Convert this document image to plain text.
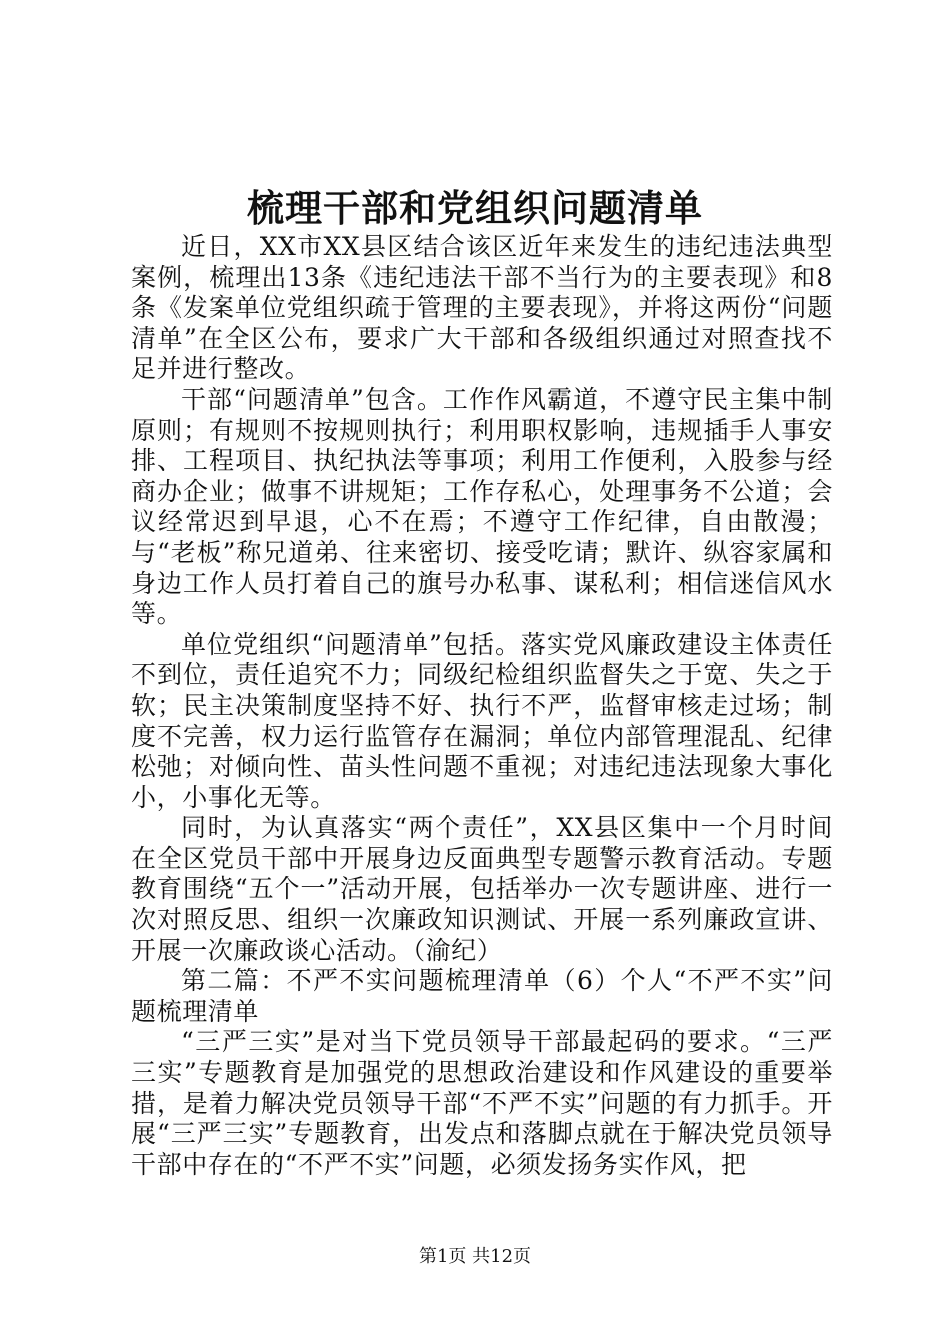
梳理干部和党组织问题清单

近日，XX市XX县区结合该区近年来发生的违纪违法典型案例，梳理出13条《违纪违法干部不当行为的主要表现》和8条《发案单位党组织疏于管理的主要表现》，并将这两份“问题清单”在全区公布，要求广大干部和各级组织通过对照查找不足并进行整改。

干部“问题清单”包含。工作作风霸道，不遵守民主集中制原则；有规则不按规则执行；利用职权影响，违规插手人事安排、工程项目、执纪执法等事项；利用工作便利，入股参与经商办企业；做事不讲规矩；工作存私心，处理事务不公道；会议经常迟到早退，心不在焉；不遵守工作纪律，自由散漫；与“老板”称兄道弟、往来密切、接受吃请；默许、纵容家属和身边工作人员打着自己的旗号办私事、谋私利；相信迷信风水等。

单位党组织“问题清单”包括。落实党风廉政建设主体责任不到位，责任追究不力；同级纪检组织监督失之于宽、失之于软；民主决策制度坚持不好、执行不严，监督审核走过场；制度不完善，权力运行监管存在漏洞；单位内部管理混乱、纪律松弛；对倾向性、苗头性问题不重视；对违纪违法现象大事化小，小事化无等。

同时，为认真落实“两个责任”，XX县区集中一个月时间在全区党员干部中开展身边反面典型专题警示教育活动。专题教育围绕“五个一”活动开展，包括举办一次专题讲座、进行一次对照反思、组织一次廉政知识测试、开展一系列廉政宣讲、开展一次廉政谈心活动。（渝纪）

第二篇：不严不实问题梳理清单（6）个人“不严不实”问题梳理清单

“三严三实”是对当下党员领导干部最起码的要求。“三严三实”专题教育是加强党的思想政治建设和作风建设的重要举措，是着力解决党员领导干部“不严不实”问题的有力抓手。开展“三严三实”专题教育，出发点和落脚点就在于解决党员领导干部中存在的“不严不实”问题，必须发扬务实作风，把

第1页 共12页
